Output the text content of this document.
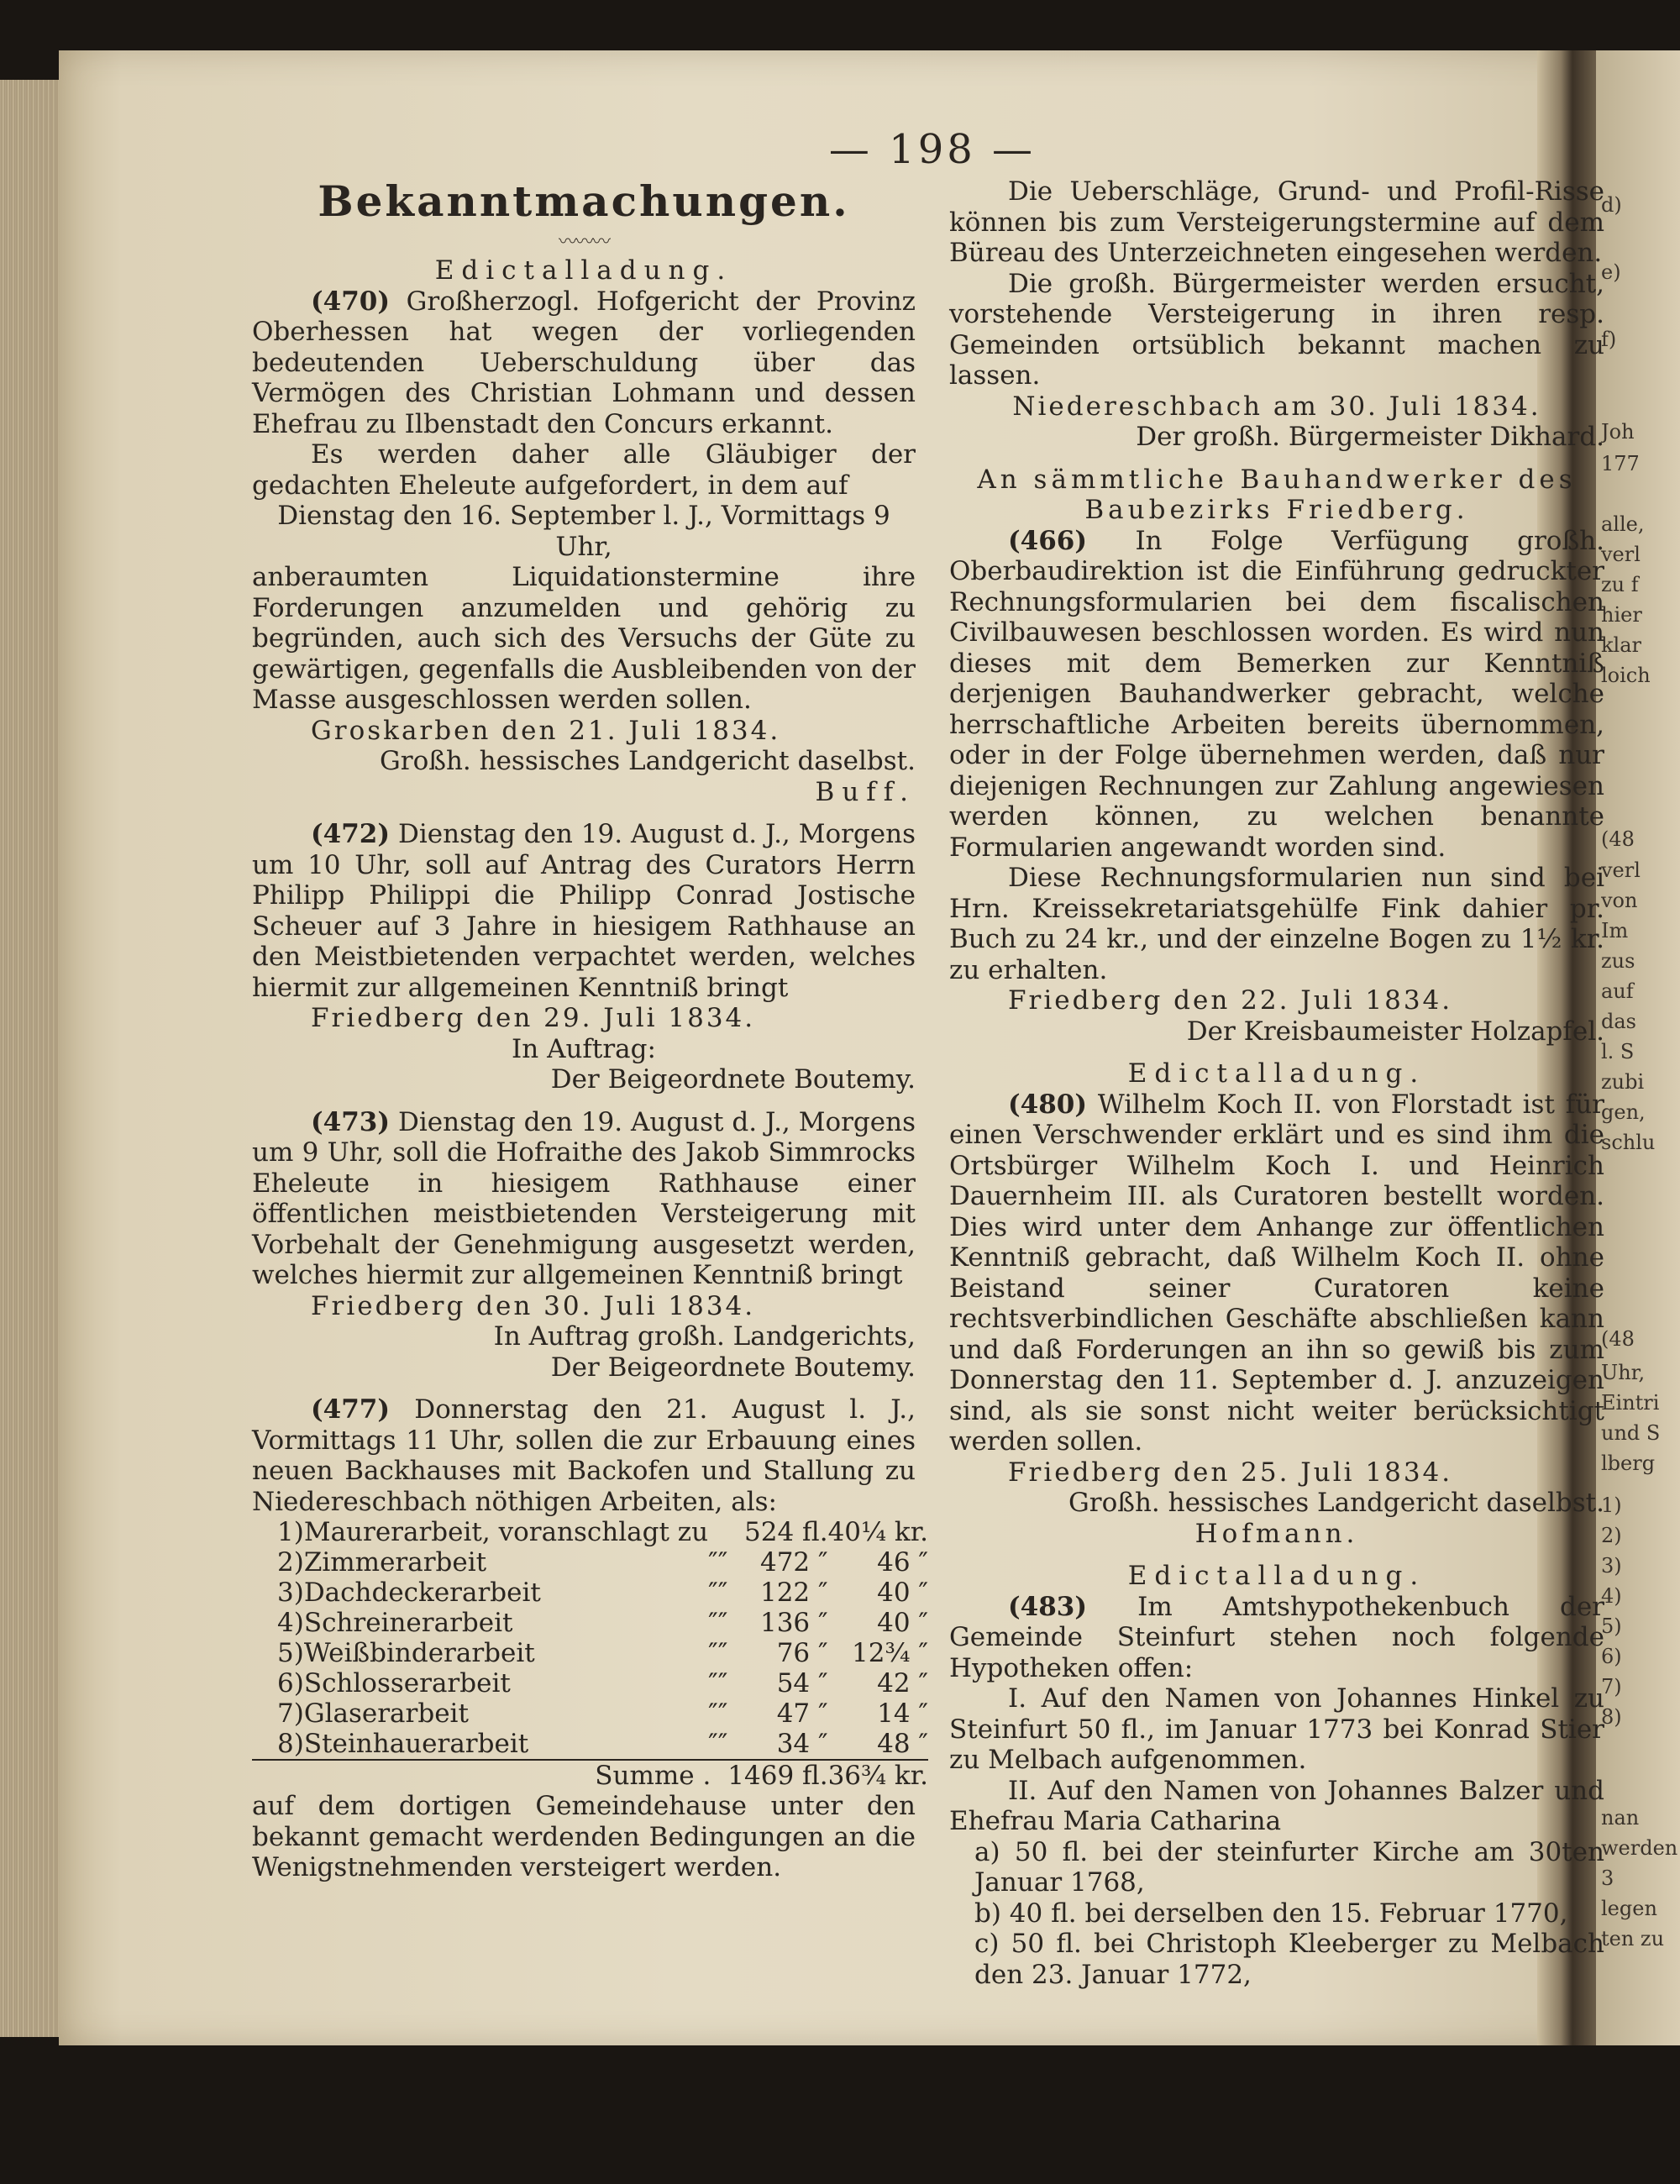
d)
e)
f)
Joh
177
alle,
verl
zu f
hier
klar
loich
(48
verl
von
Im
zus
auf
das
l. S
zubi
gen,
schlu
(48
Uhr,
Eintri
und S
lberg
1)
2)
3)
4)
5)
6)
7)
8)
nan
werden
3
legen
ten zu
— 198 —
Bekanntmachungen.
〰〰〰

Edictalladung.

(470) Großherzogl. Hofgericht der Provinz Oberhessen hat wegen der vorliegenden bedeutenden Ueberschuldung über das Vermögen des Christian Lohmann und dessen Ehefrau zu Ilbenstadt den Concurs erkannt.

Es werden daher alle Gläubiger der gedachten Eheleute aufgefordert, in dem auf

Dienstag den 16. September l. J., Vormittags 9 Uhr,

anberaumten Liquidationstermine ihre Forderungen anzumelden und gehörig zu begründen, auch sich des Versuchs der Güte zu gewärtigen, gegenfalls die Ausbleibenden von der Masse ausgeschlossen werden sollen.

Groskarben den 21. Juli 1834.

Großh. hessisches Landgericht daselbst.

Buff.

(472) Dienstag den 19. August d. J., Morgens um 10 Uhr, soll auf Antrag des Curators Herrn Philipp Philippi die Philipp Conrad Jostische Scheuer auf 3 Jahre in hiesigem Rathhause an den Meistbietenden verpachtet werden, welches hiermit zur allgemeinen Kenntniß bringt

Friedberg den 29. Juli 1834.

In Auftrag:

Der Beigeordnete Boutemy.

(473) Dienstag den 19. August d. J., Morgens um 9 Uhr, soll die Hofraithe des Jakob Simmrocks Eheleute in hiesigem Rathhause einer öffentlichen meistbietenden Versteigerung mit Vorbehalt der Genehmigung ausgesetzt werden, welches hiermit zur allgemeinen Kenntniß bringt

Friedberg den 30. Juli 1834.

In Auftrag großh. Landgerichts,

Der Beigeordnete Boutemy.

(477) Donnerstag den 21. August l. J., Vormittags 11 Uhr, sollen die zur Erbauung eines neuen Backhauses mit Backofen und Stallung zu Niedereschbach nöthigen Arbeiten, als:

1)	Maurerarbeit, voranschlagt zu			524 fl.	40¼ kr.
2)	Zimmerarbeit	″	″	472 ″	46 ″
3)	Dachdeckerarbeit	″	″	122 ″	40 ″
4)	Schreinerarbeit	″	″	136 ″	40 ″
5)	Weißbinderarbeit	″	″	76 ″	12¾ ″
6)	Schlosserarbeit	″	″	54 ″	42 ″
7)	Glaserarbeit	″	″	47 ″	14 ″
8)	Steinhauerarbeit	″	″	34 ″	48 ″
Summe .				1469 fl.	36¾ kr.

auf dem dortigen Gemeindehause unter den bekannt gemacht werdenden Bedingungen an die Wenigstnehmenden versteigert werden.

Die Ueberschläge, Grund- und Profil-Risse können bis zum Versteigerungstermine auf dem Büreau des Unterzeichneten eingesehen werden.

Die großh. Bürgermeister werden ersucht, vorstehende Versteigerung in ihren resp. Gemeinden ortsüblich bekannt machen zu lassen.

Niedereschbach am 30. Juli 1834.

Der großh. Bürgermeister Dikhard.

An sämmtliche Bauhandwerker des Baubezirks Friedberg.

(466) In Folge Verfügung großh. Oberbaudirektion ist die Einführung gedruckter Rechnungsformularien bei dem fiscalischen Civilbauwesen beschlossen worden. Es wird nun dieses mit dem Bemerken zur Kenntniß derjenigen Bauhandwerker gebracht, welche herrschaftliche Arbeiten bereits übernommen, oder in der Folge übernehmen werden, daß nur diejenigen Rechnungen zur Zahlung angewiesen werden können, zu welchen benannte Formularien angewandt worden sind.

Diese Rechnungsformularien nun sind bei Hrn. Kreissekretariatsgehülfe Fink dahier pr. Buch zu 24 kr., und der einzelne Bogen zu 1½ kr. zu erhalten.

Friedberg den 22. Juli 1834.

Der Kreisbaumeister Holzapfel.

Edictalladung.

(480) Wilhelm Koch II. von Florstadt ist für einen Verschwender erklärt und es sind ihm die Ortsbürger Wilhelm Koch I. und Heinrich Dauernheim III. als Curatoren bestellt worden. Dies wird unter dem Anhange zur öffentlichen Kenntniß gebracht, daß Wilhelm Koch II. ohne Beistand seiner Curatoren keine rechtsverbindlichen Geschäfte abschließen kann und daß Forderungen an ihn so gewiß bis zum Donnerstag den 11. September d. J. anzuzeigen sind, als sie sonst nicht weiter berücksichtigt werden sollen.

Friedberg den 25. Juli 1834.

Großh. hessisches Landgericht daselbst.

Hofmann.

Edictalladung.

(483) Im Amtshypothekenbuch der Gemeinde Steinfurt stehen noch folgende Hypotheken offen:

I. Auf den Namen von Johannes Hinkel zu Steinfurt 50 fl., im Januar 1773 bei Konrad Stier zu Melbach aufgenommen.

II. Auf den Namen von Johannes Balzer und Ehefrau Maria Catharina

a) 50 fl. bei der steinfurter Kirche am 30ten Januar 1768,

b) 40 fl. bei derselben den 15. Februar 1770,

c) 50 fl. bei Christoph Kleeberger zu Melbach den 23. Januar 1772,
